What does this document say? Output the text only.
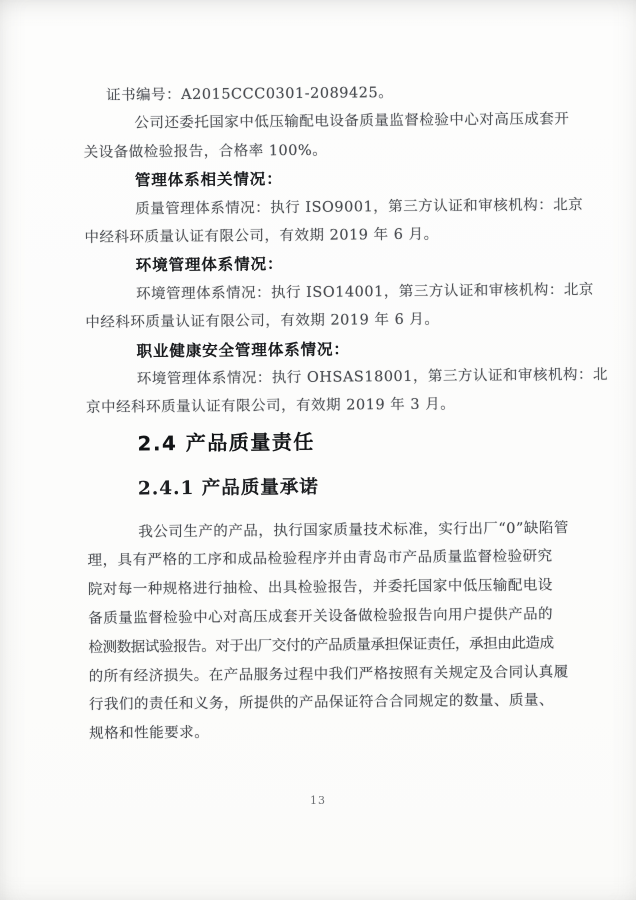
证书编号：A2015CCC0301-2089425。
公司还委托国家中低压输配电设备质量监督检验中心对高压成套开
关设备做检验报告，合格率 100%。
管理体系相关情况：
质量管理体系情况：执行 ISO9001，第三方认证和审核机构：北京
中经科环质量认证有限公司，有效期 2019 年 6 月。
环境管理体系情况：
环境管理体系情况：执行 ISO14001，第三方认证和审核机构：北京
中经科环质量认证有限公司，有效期 2019 年 6 月。
职业健康安全管理体系情况：
环境管理体系情况：执行 OHSAS18001，第三方认证和审核机构：北
京中经科环质量认证有限公司，有效期 2019 年 3 月。
2.4 产品质量责任
2.4.1 产品质量承诺
我公司生产的产品，执行国家质量技术标准，实行出厂“0”缺陷管
理，具有严格的工序和成品检验程序并由青岛市产品质量监督检验研究
院对每一种规格进行抽检、出具检验报告，并委托国家中低压输配电设
备质量监督检验中心对高压成套开关设备做检验报告向用户提供产品的
检测数据试验报告。对于出厂交付的产品质量承担保证责任，承担由此造成
的所有经济损失。在产品服务过程中我们严格按照有关规定及合同认真履
行我们的责任和义务，所提供的产品保证符合合同规定的数量、质量、
规格和性能要求。
13
